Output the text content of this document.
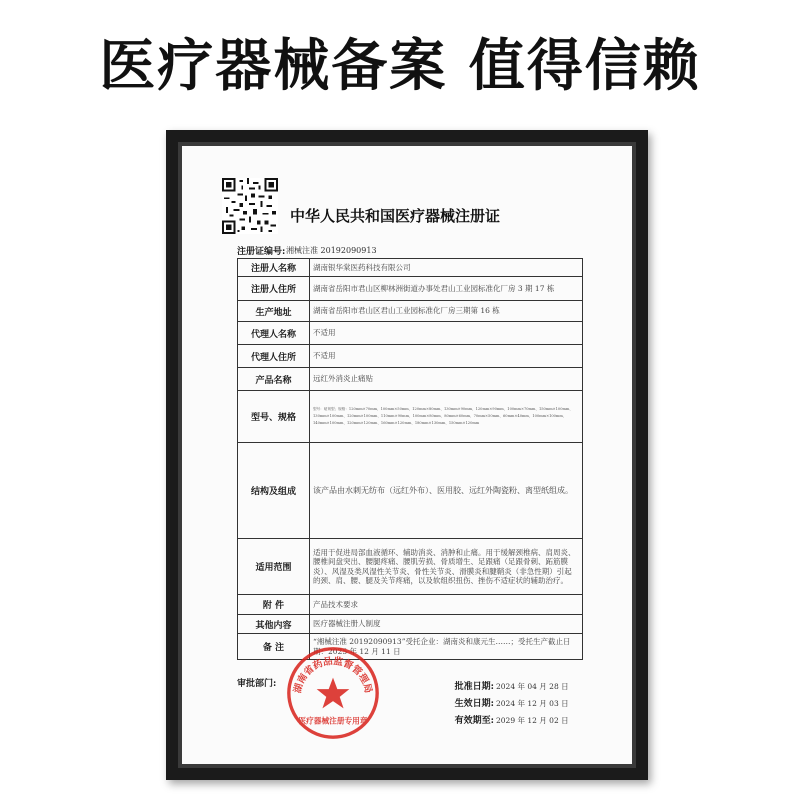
医疗器械备案 值得信赖
中华人民共和国医疗器械注册证
注册证编号: 湘械注准 20192090913
注册人名称	湖南银华棠医药科技有限公司
注册人住所	湖南省岳阳市君山区柳林洲街道办事处君山工业园标准化厂房 3 期 17 栋
生产地址	湖南省岳阳市君山区君山工业园标准化厂房三期第 16 栋
代理人名称	不适用
代理人住所	不适用
产品名称	远红外消炎止痛贴
型号、规格	型号：贴剂型；规格：120mm×70mm、100mm×50mm、120mm×80mm、130mm×90mm、120mm×90mm、100mm×70mm、150mm×100mm、130mm×100mm、120mm×100mm、110mm×90mm、100mm×80mm、80mm×60mm、70mm×50mm、60mm×40mm、100mm×100mm、140mm×100mm、120mm×120mm、160mm×120mm、180mm×130mm、150mm×120mm
结构及组成	该产品由水刺无纺布（远红外布）、医用胶、远红外陶瓷粉、离型纸组成。
适用范围	适用于促进局部血液循环、辅助消炎、消肿和止痛。用于缓解颈椎病、肩周炎、腰椎间盘突出、腰腿疼痛、腰肌劳损、骨质增生、足跟痛（足跟骨刺、跖筋膜炎）、风湿及类风湿性关节炎、骨性关节炎、滑膜炎和腱鞘炎（非急性期）引起的颈、肩、腰、腿及关节疼痛，以及软组织扭伤、挫伤不适症状的辅助治疗。
附 件	产品技术要求
其他内容	医疗器械注册人制度
备 注	“湘械注准 20192090913”受托企业：湖南炎和康元生……；受托生产截止日期：2025 年 12 月 11 日
审批部门:	批准日期: 2024 年 04 月 28 日
生效日期: 2024 年 12 月 03 日
有效期至: 2029 年 12 月 02 日
湖南省药品监督管理局
医疗器械注册专用章
